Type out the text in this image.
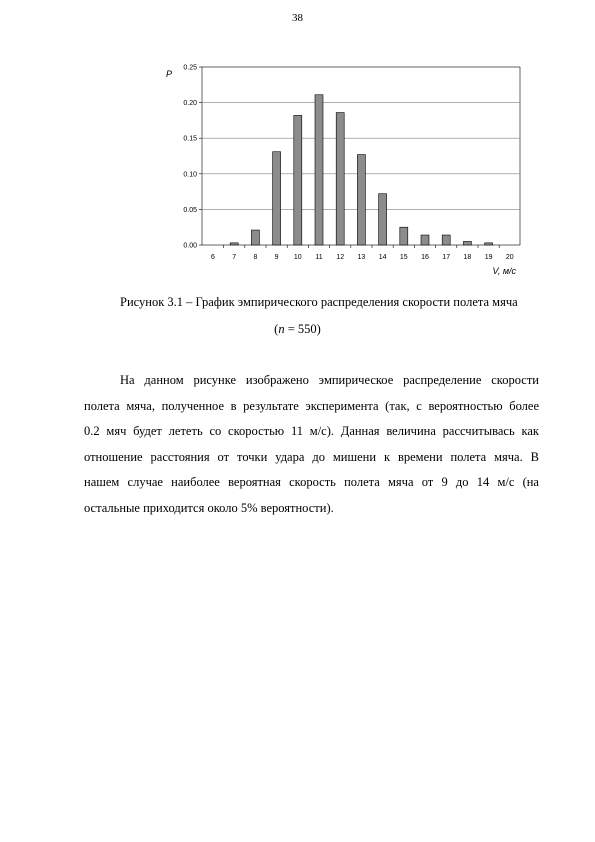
38
0.00
0.05
0.10
0.15
0.20
0.25
6 7 8 9 10 11 12 13 14 15 16 17 18 19 20
P
V, м/с
Рисунок 3.1 – График эмпирического распределения скорости полета мяча
(n = 550)
На данном рисунке изображено эмпирическое распределение скорости
полета мяча, полученное в результате эксперимента (так, с вероятностью более
0.2 мяч будет лететь со скоростью 11 м/с). Данная величина рассчитывась как
отношение расстояния от точки удара до мишени к времени полета мяча. В
нашем случае наиболее вероятная скорость полета мяча от 9 до 14 м/с (на
остальные приходится около 5% вероятности).
